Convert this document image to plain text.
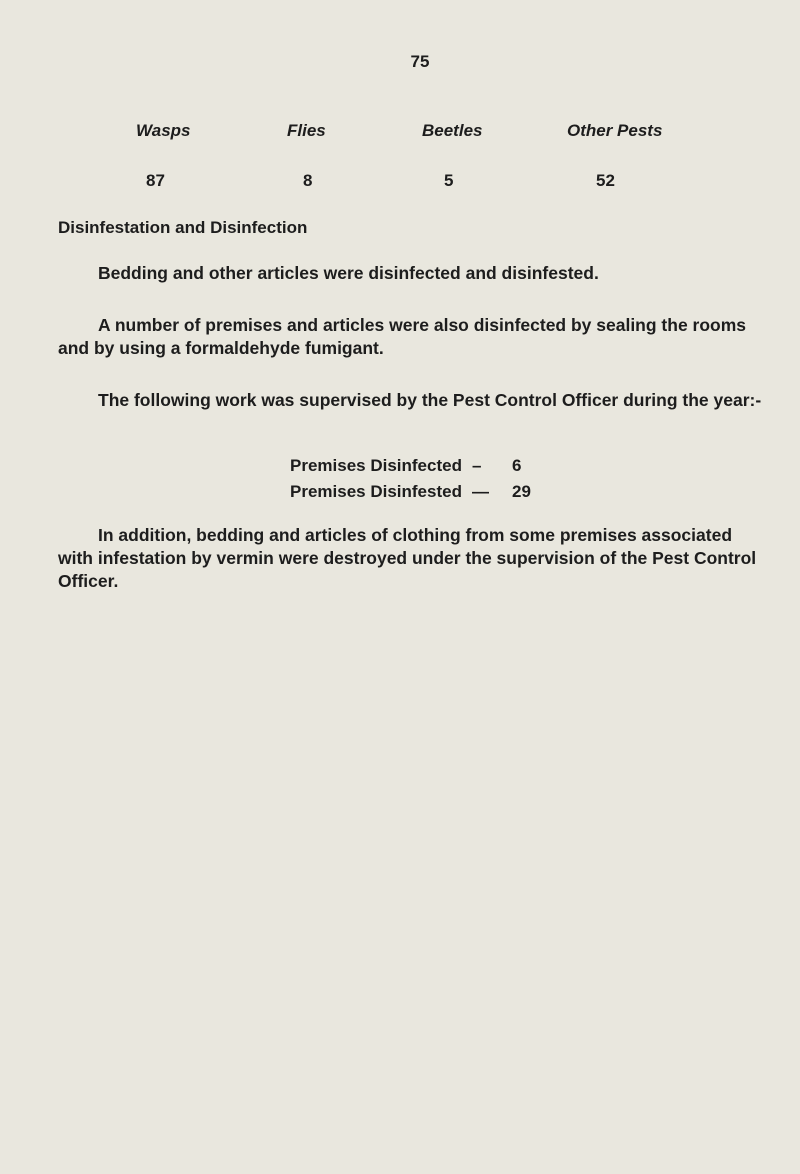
75
Wasps	Flies	Beetles	Other Pests
87	8	5	52
Disinfestation and Disinfection
Bedding and other articles were disinfected and disinfested.
A number of premises and articles were also disinfected by sealing the rooms and by using a formaldehyde fumigant.
The following work was supervised by the Pest Control Officer during the year:-
Premises Disinfected – 6
Premises Disinfested — 29
In addition, bedding and articles of clothing from some premises associated with infestation by vermin were destroyed under the supervision of the Pest Control Officer.
